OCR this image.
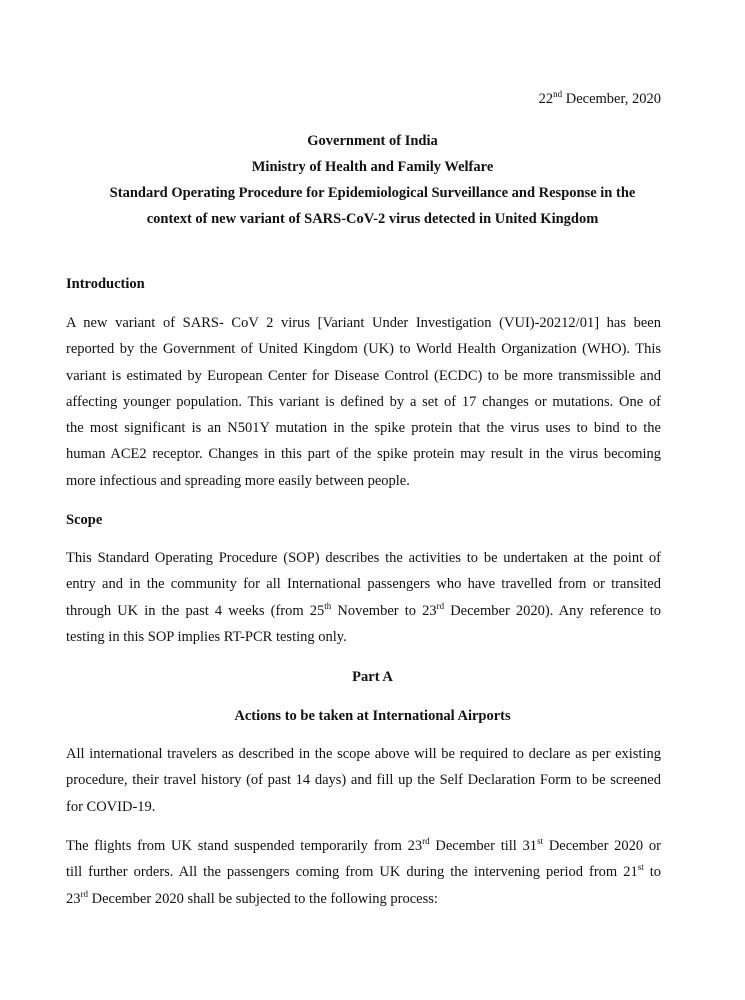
22nd December, 2020
Government of India
Ministry of Health and Family Welfare
Standard Operating Procedure for Epidemiological Surveillance and Response in the
context of new variant of SARS-CoV-2 virus detected in United Kingdom
Introduction
A new variant of SARS- CoV 2 virus [Variant Under Investigation (VUI)-20212/01] has been
reported by the Government of United Kingdom (UK) to World Health Organization (WHO). This
variant is estimated by European Center for Disease Control (ECDC) to be more transmissible and
affecting younger population. This variant is defined by a set of 17 changes or mutations. One of
the most significant is an N501Y mutation in the spike protein that the virus uses to bind to the
human ACE2 receptor. Changes in this part of the spike protein may result in the virus becoming
more infectious and spreading more easily between people.
Scope
This Standard Operating Procedure (SOP) describes the activities to be undertaken at the point of
entry and in the community for all International passengers who have travelled from or transited
through UK in the past 4 weeks (from 25th November to 23rd December 2020). Any reference to
testing in this SOP implies RT-PCR testing only.
Part A
Actions to be taken at International Airports
All international travelers as described in the scope above will be required to declare as per existing
procedure, their travel history (of past 14 days) and fill up the Self Declaration Form to be screened
for COVID-19.
The flights from UK stand suspended temporarily from 23rd December till 31st December 2020 or
till further orders. All the passengers coming from UK during the intervening period from 21st to
23rd December 2020 shall be subjected to the following process:
